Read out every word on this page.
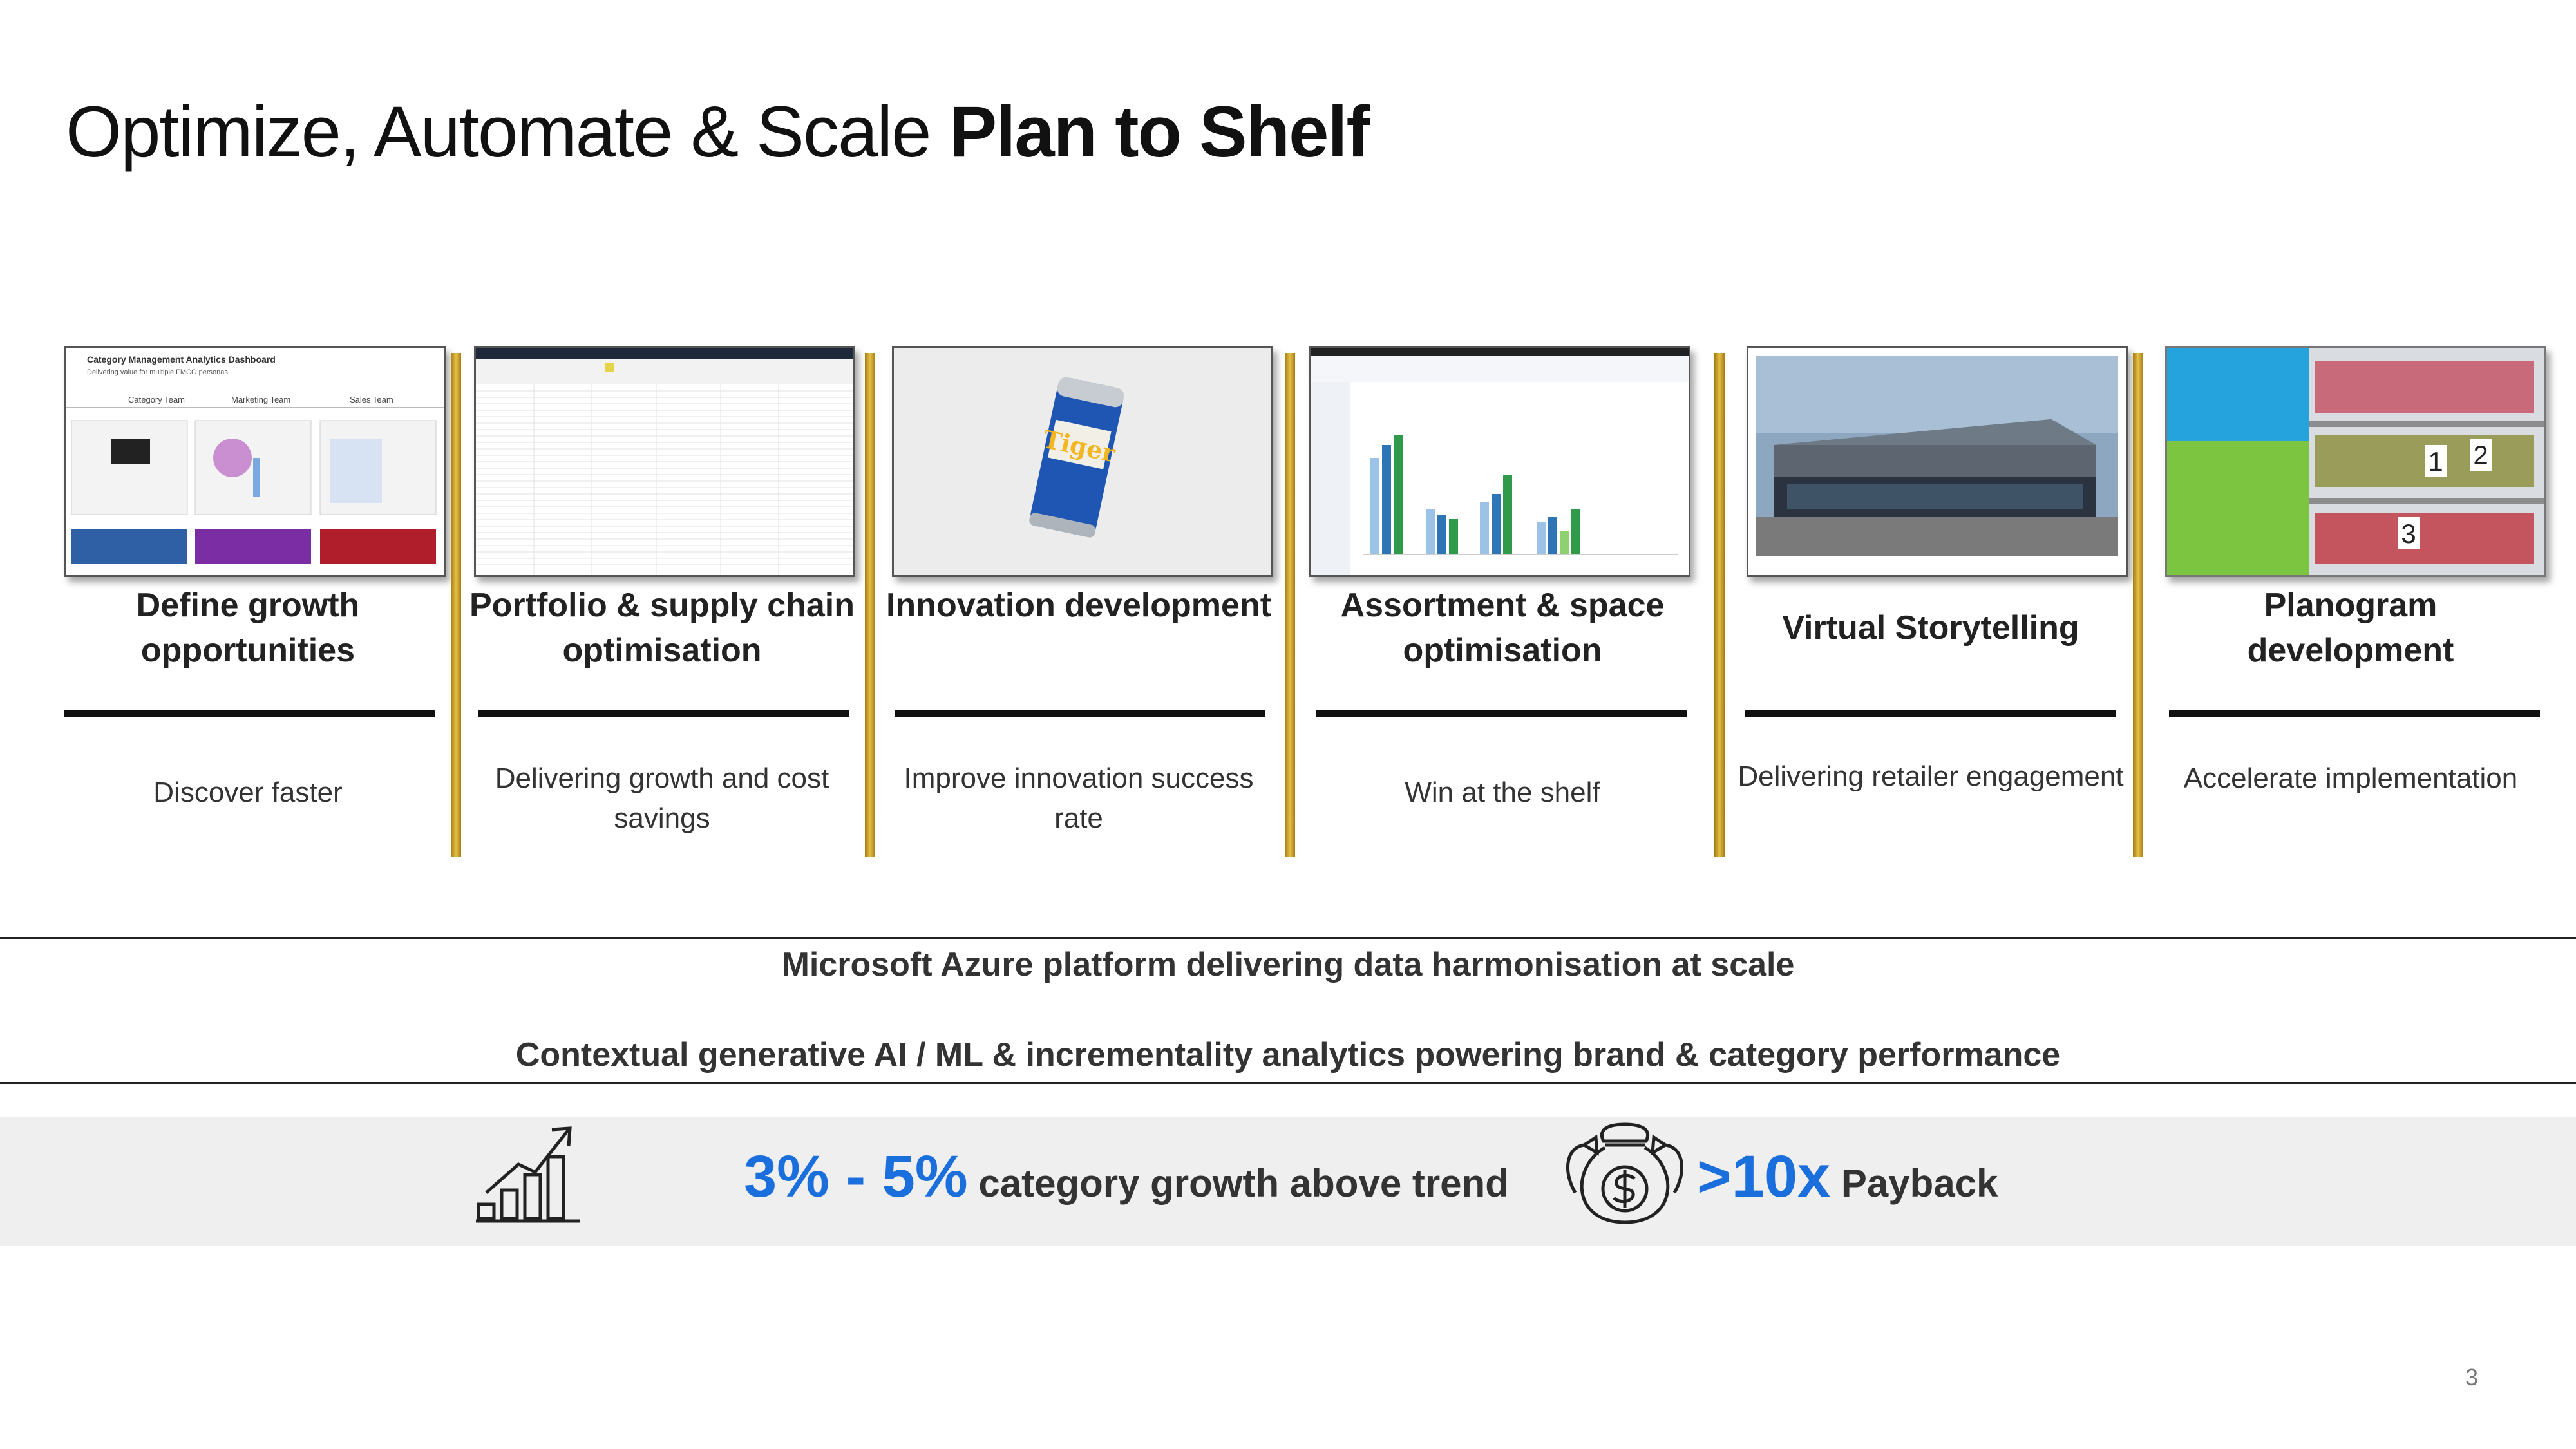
Optimize, Automate & Scale Plan to Shelf
Category Management Analytics Dashboard
Delivering value for multiple FMCG personas
Category Team	Marketing Team	Sales Team
Tiger	1 2
3
Define growth opportunities
Portfolio & supply chain optimisation
Innovation development	Assortment & space optimisation
Virtual Storytelling
Planogram development
Discover faster	Delivering growth and cost savings
Improve innovation success rate
Win at the shelf
Delivering retailer engagement	Accelerate implementation
Microsoft Azure platform delivering data harmonisation at scale
Contextual generative AI / ML & incrementality analytics powering brand & category performance
3% - 5% category growth above trend	>10x Payback
3
